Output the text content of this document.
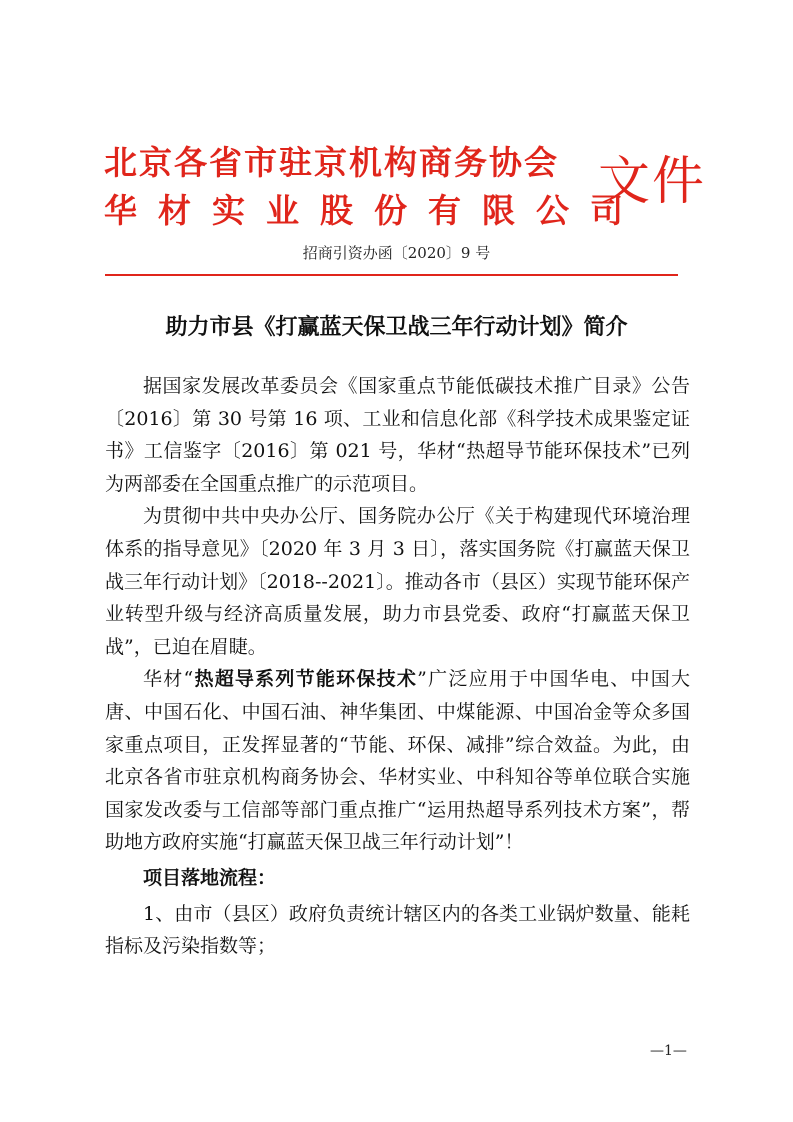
北京各省市驻京机构商务协会
华材实业股份有限公司
文件
招商引资办函〔2020〕9 号
助力市县《打赢蓝天保卫战三年行动计划》简介

据国家发展改革委员会《国家重点节能低碳技术推广目录》公告〔2016〕第 30 号第 16 项、工业和信息化部《科学技术成果鉴定证书》工信鉴字〔2016〕第 021 号，华材“热超导节能环保技术”已列为两部委在全国重点推广的示范项目。

为贯彻中共中央办公厅、国务院办公厅《关于构建现代环境治理体系的指导意见》〔2020 年 3 月 3 日〕，落实国务院《打赢蓝天保卫战三年行动计划》〔2018--2021〕。推动各市（县区）实现节能环保产业转型升级与经济高质量发展，助力市县党委、政府“打赢蓝天保卫战”，已迫在眉睫。

华材“热超导系列节能环保技术”广泛应用于中国华电、中国大唐、中国石化、中国石油、神华集团、中煤能源、中国冶金等众多国家重点项目，正发挥显著的“节能、环保、减排”综合效益。为此，由北京各省市驻京机构商务协会、华材实业、中科知谷等单位联合实施国家发改委与工信部等部门重点推广“运用热超导系列技术方案”，帮助地方政府实施“打赢蓝天保卫战三年行动计划”！

项目落地流程：

1、由市（县区）政府负责统计辖区内的各类工业锅炉数量、能耗指标及污染指数等；

—1—
